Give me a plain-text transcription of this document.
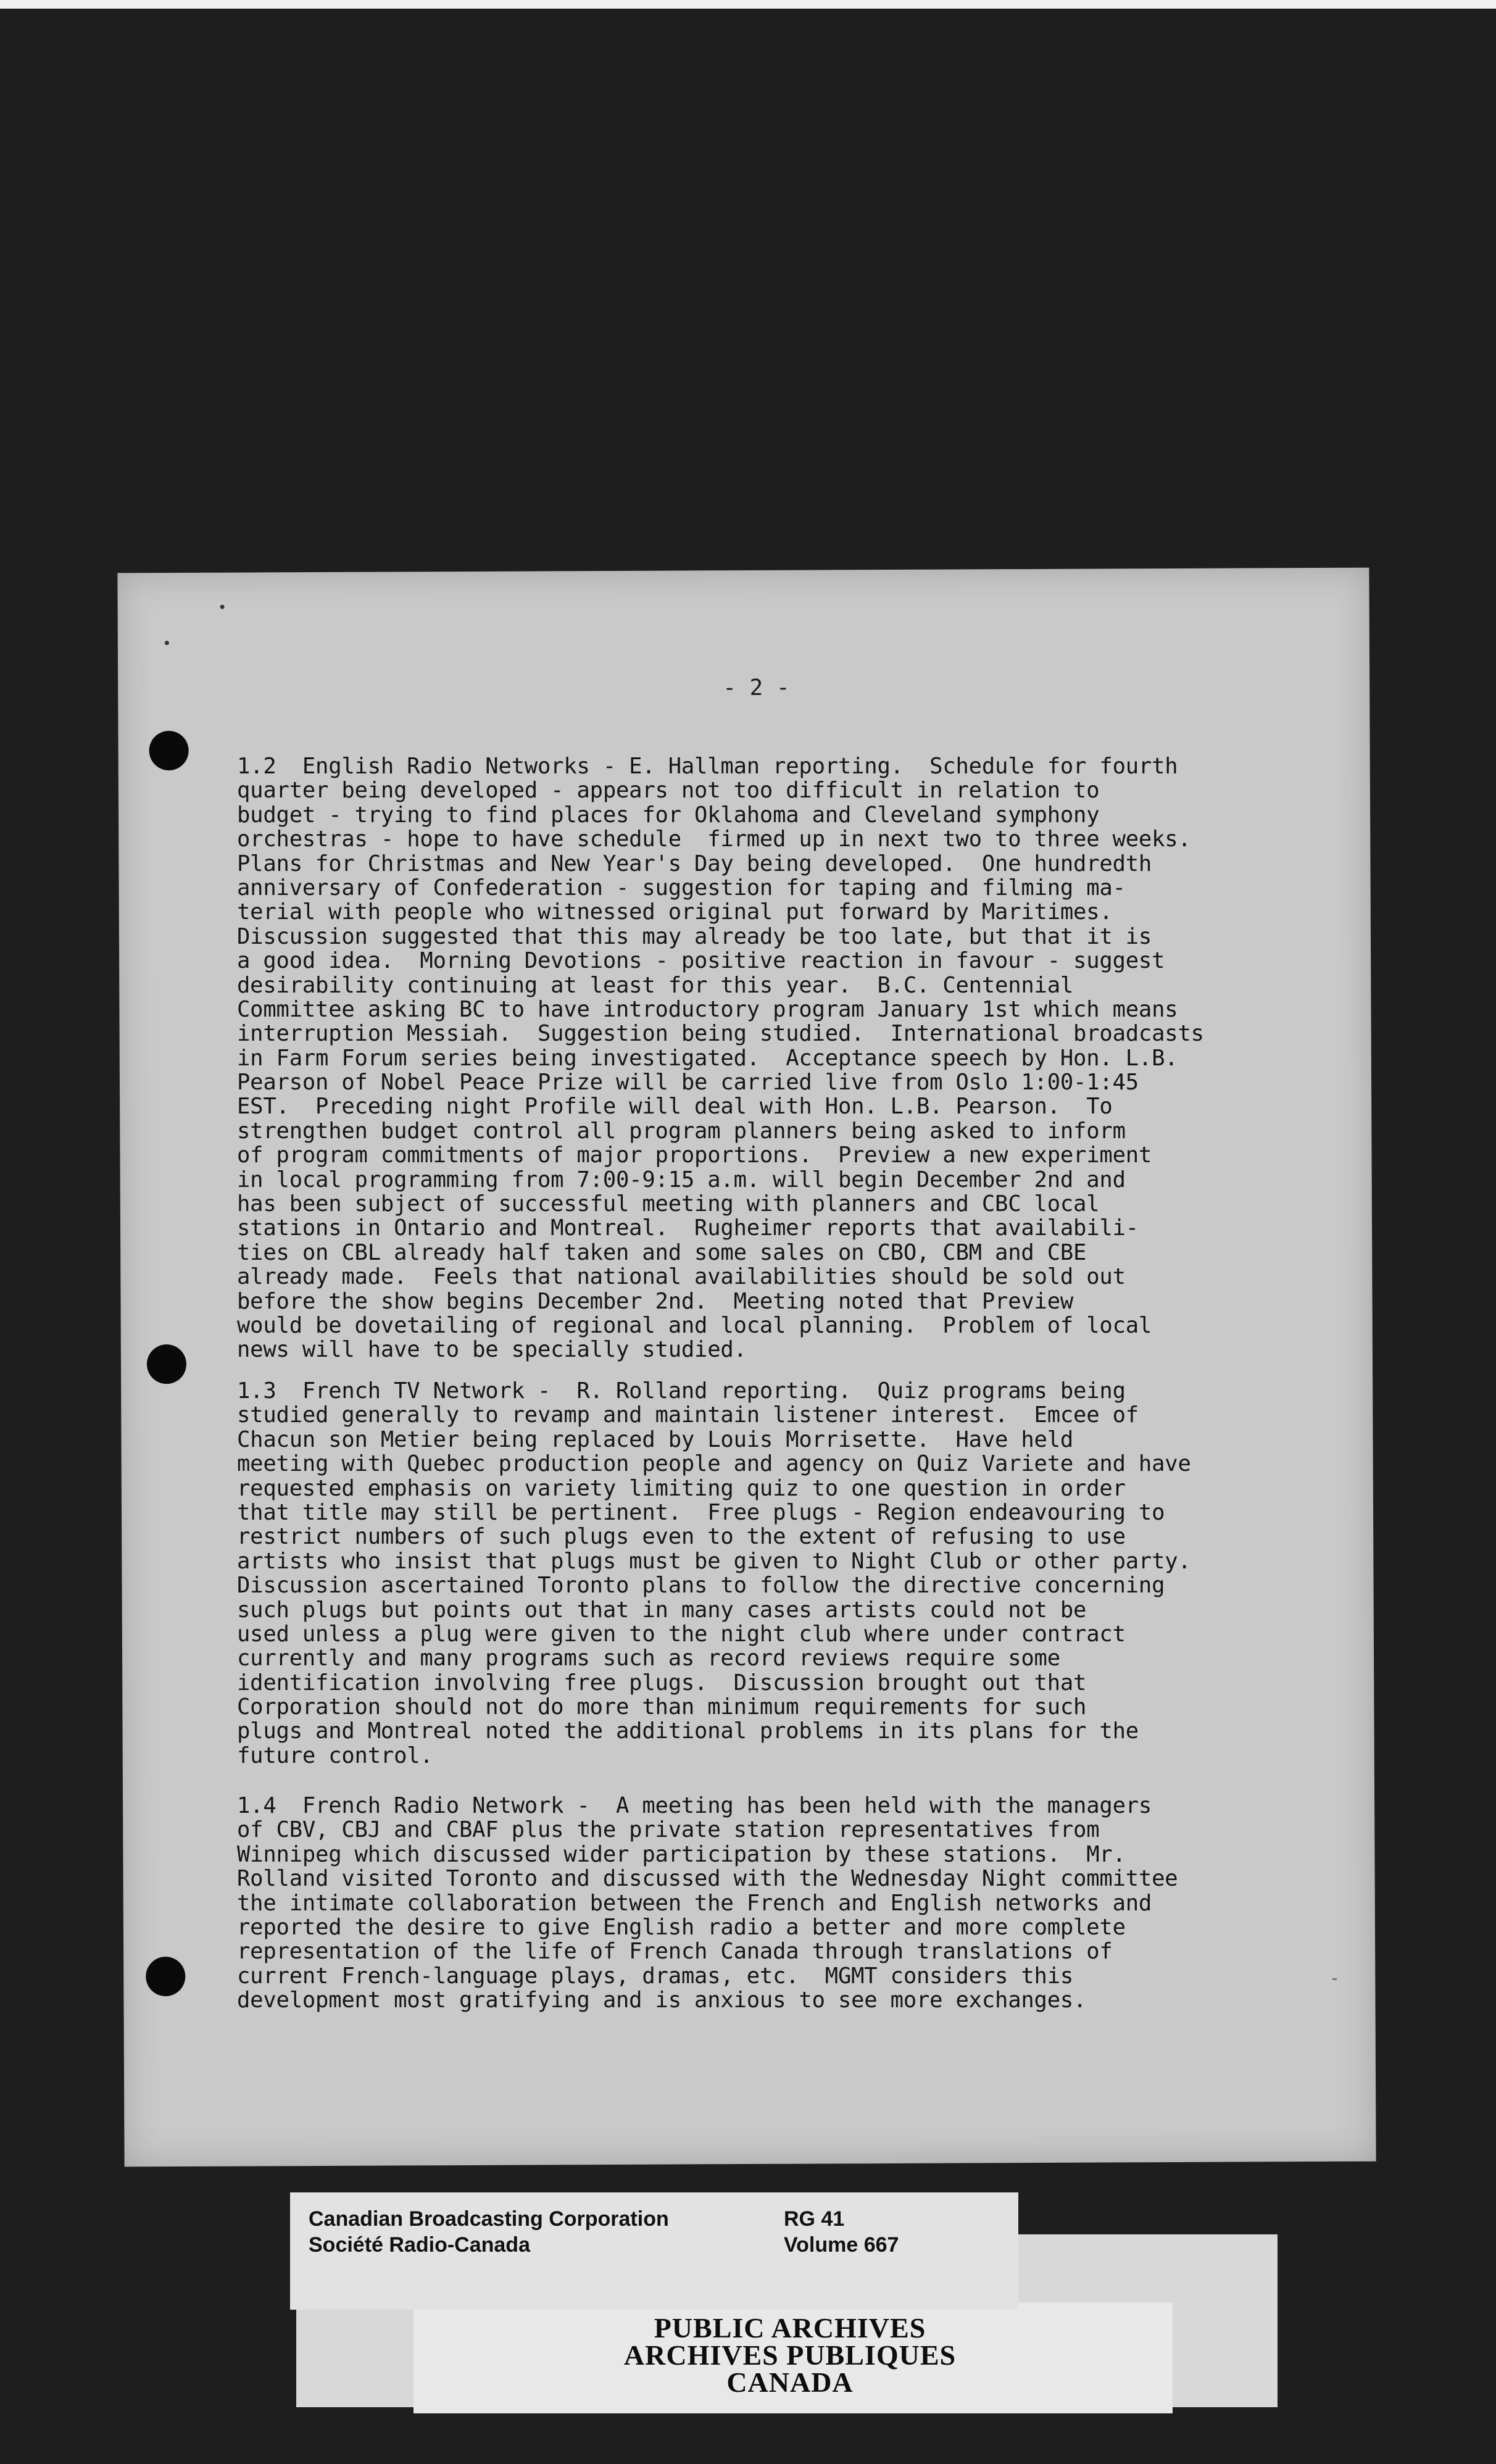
- 2 -
1.2  English Radio Networks - E. Hallman reporting.  Schedule for fourth
quarter being developed - appears not too difficult in relation to
budget - trying to find places for Oklahoma and Cleveland symphony
orchestras - hope to have schedule  firmed up in next two to three weeks.
Plans for Christmas and New Year's Day being developed.  One hundredth
anniversary of Confederation - suggestion for taping and filming ma-
terial with people who witnessed original put forward by Maritimes.
Discussion suggested that this may already be too late, but that it is
a good idea.  Morning Devotions - positive reaction in favour - suggest
desirability continuing at least for this year.  B.C. Centennial
Committee asking BC to have introductory program January 1st which means
interruption Messiah.  Suggestion being studied.  International broadcasts
in Farm Forum series being investigated.  Acceptance speech by Hon. L.B.
Pearson of Nobel Peace Prize will be carried live from Oslo 1:00-1:45
EST.  Preceding night Profile will deal with Hon. L.B. Pearson.  To
strengthen budget control all program planners being asked to inform
of program commitments of major proportions.  Preview a new experiment
in local programming from 7:00-9:15 a.m. will begin December 2nd and
has been subject of successful meeting with planners and CBC local
stations in Ontario and Montreal.  Rugheimer reports that availabili-
ties on CBL already half taken and some sales on CBO, CBM and CBE
already made.  Feels that national availabilities should be sold out
before the show begins December 2nd.  Meeting noted that Preview
would be dovetailing of regional and local planning.  Problem of local
news will have to be specially studied.
1.3  French TV Network -  R. Rolland reporting.  Quiz programs being
studied generally to revamp and maintain listener interest.  Emcee of
Chacun son Metier being replaced by Louis Morrisette.  Have held
meeting with Quebec production people and agency on Quiz Variete and have
requested emphasis on variety limiting quiz to one question in order
that title may still be pertinent.  Free plugs - Region endeavouring to
restrict numbers of such plugs even to the extent of refusing to use
artists who insist that plugs must be given to Night Club or other party.
Discussion ascertained Toronto plans to follow the directive concerning
such plugs but points out that in many cases artists could not be
used unless a plug were given to the night club where under contract
currently and many programs such as record reviews require some
identification involving free plugs.  Discussion brought out that
Corporation should not do more than minimum requirements for such
plugs and Montreal noted the additional problems in its plans for the
future control.
1.4  French Radio Network -  A meeting has been held with the managers
of CBV, CBJ and CBAF plus the private station representatives from
Winnipeg which discussed wider participation by these stations.  Mr.
Rolland visited Toronto and discussed with the Wednesday Night committee
the intimate collaboration between the French and English networks and
reported the desire to give English radio a better and more complete
representation of the life of French Canada through translations of
current French-language plays, dramas, etc.  MGMT considers this
development most gratifying and is anxious to see more exchanges.
-
Canadian Broadcasting Corporation
Société Radio-Canada
RG 41
Volume 667
PUBLIC ARCHIVES
ARCHIVES PUBLIQUES
CANADA
